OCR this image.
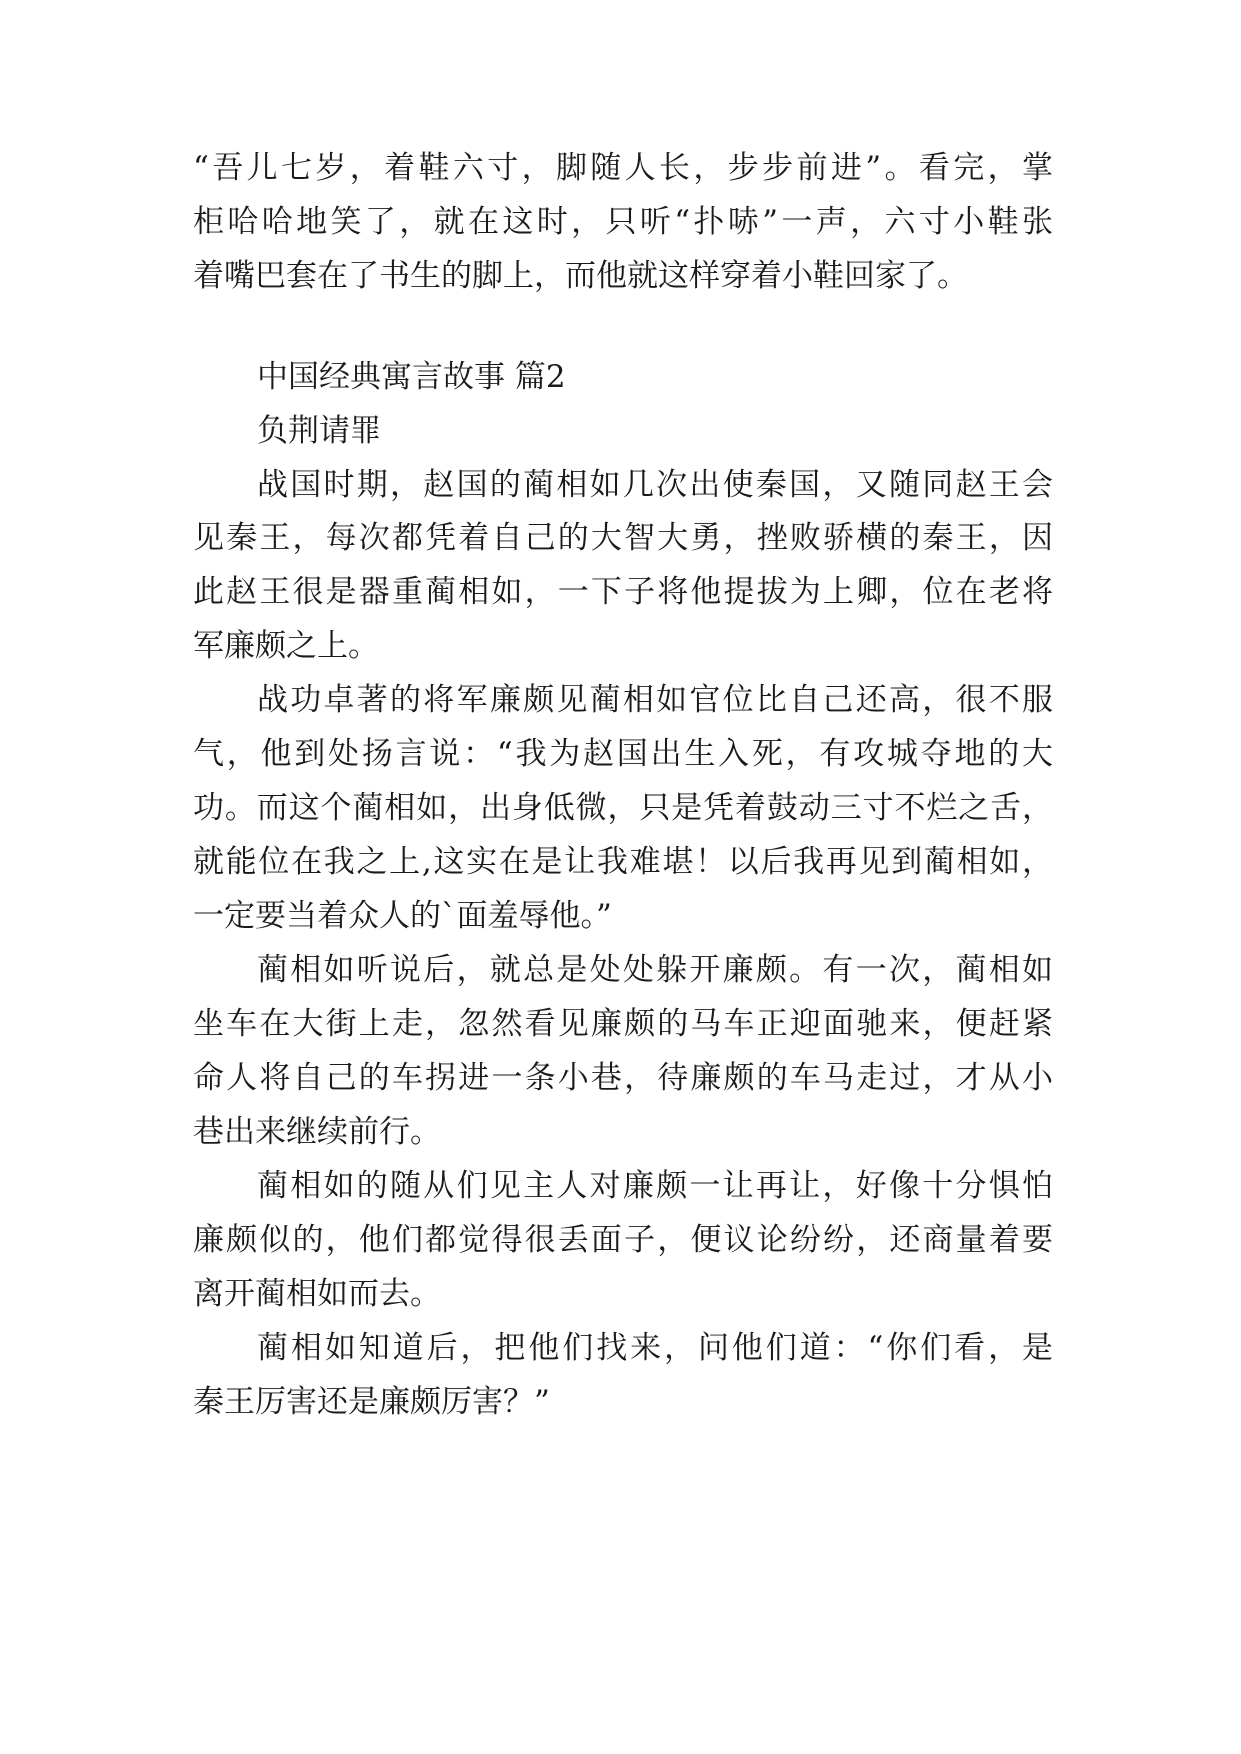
“吾儿七岁，着鞋六寸，脚随人长，步步前进”。看完，掌
柜哈哈地笑了，就在这时，只听“扑哧”一声，六寸小鞋张
着嘴巴套在了书生的脚上，而他就这样穿着小鞋回家了。
中国经典寓言故事 篇2
负荆请罪
战国时期，赵国的蔺相如几次出使秦国，又随同赵王会
见秦王，每次都凭着自己的大智大勇，挫败骄横的秦王，因
此赵王很是器重蔺相如，一下子将他提拔为上卿，位在老将
军廉颇之上。
战功卓著的将军廉颇见蔺相如官位比自己还高，很不服
气，他到处扬言说：“我为赵国出生入死，有攻城夺地的大
功。而这个蔺相如，出身低微，只是凭着鼓动三寸不烂之舌，
就能位在我之上,这实在是让我难堪！以后我再见到蔺相如，
一定要当着众人的`面羞辱他。”
蔺相如听说后，就总是处处躲开廉颇。有一次，蔺相如
坐车在大街上走，忽然看见廉颇的马车正迎面驰来，便赶紧
命人将自己的车拐进一条小巷，待廉颇的车马走过，才从小
巷出来继续前行。
蔺相如的随从们见主人对廉颇一让再让，好像十分惧怕
廉颇似的，他们都觉得很丢面子，便议论纷纷，还商量着要
离开蔺相如而去。
蔺相如知道后，把他们找来，问他们道：“你们看，是
秦王厉害还是廉颇厉害？”
